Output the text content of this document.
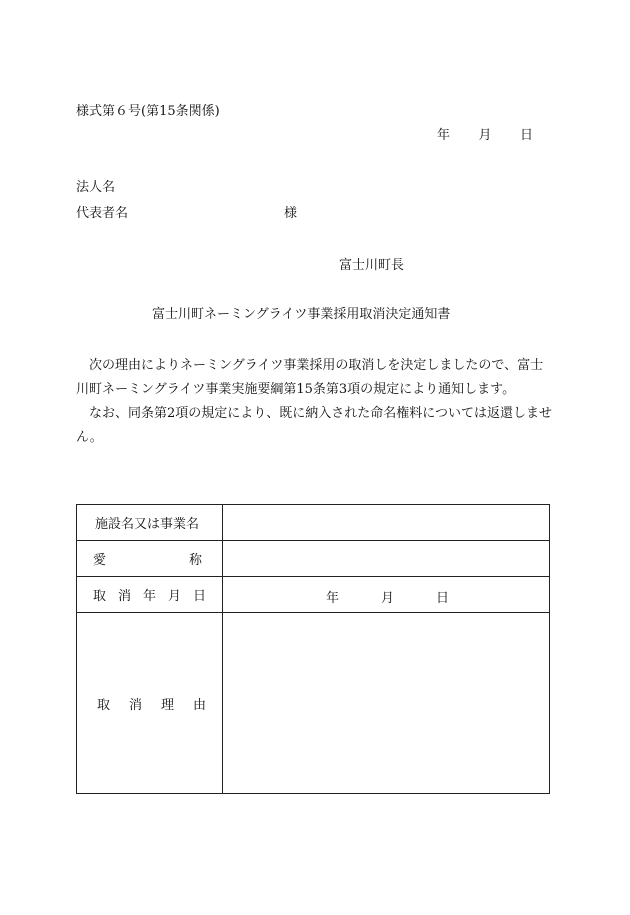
様式第６号(第15条関係)
年 月 日
法人名
代表者名	様
富士川町長
富士川町ネーミングライツ事業採用取消決定通知書

次の理由によりネーミングライツ事業採用の取消しを決定しましたので、富士川町ネーミングライツ事業実施要綱第15条第3項の規定により通知します。

なお、同条第2項の規定により、既に納入された命名権料については返還しません。

施設名又は事業名	

愛 称	

取 消 年 月 日	年 月 日

取 消 理 由	
